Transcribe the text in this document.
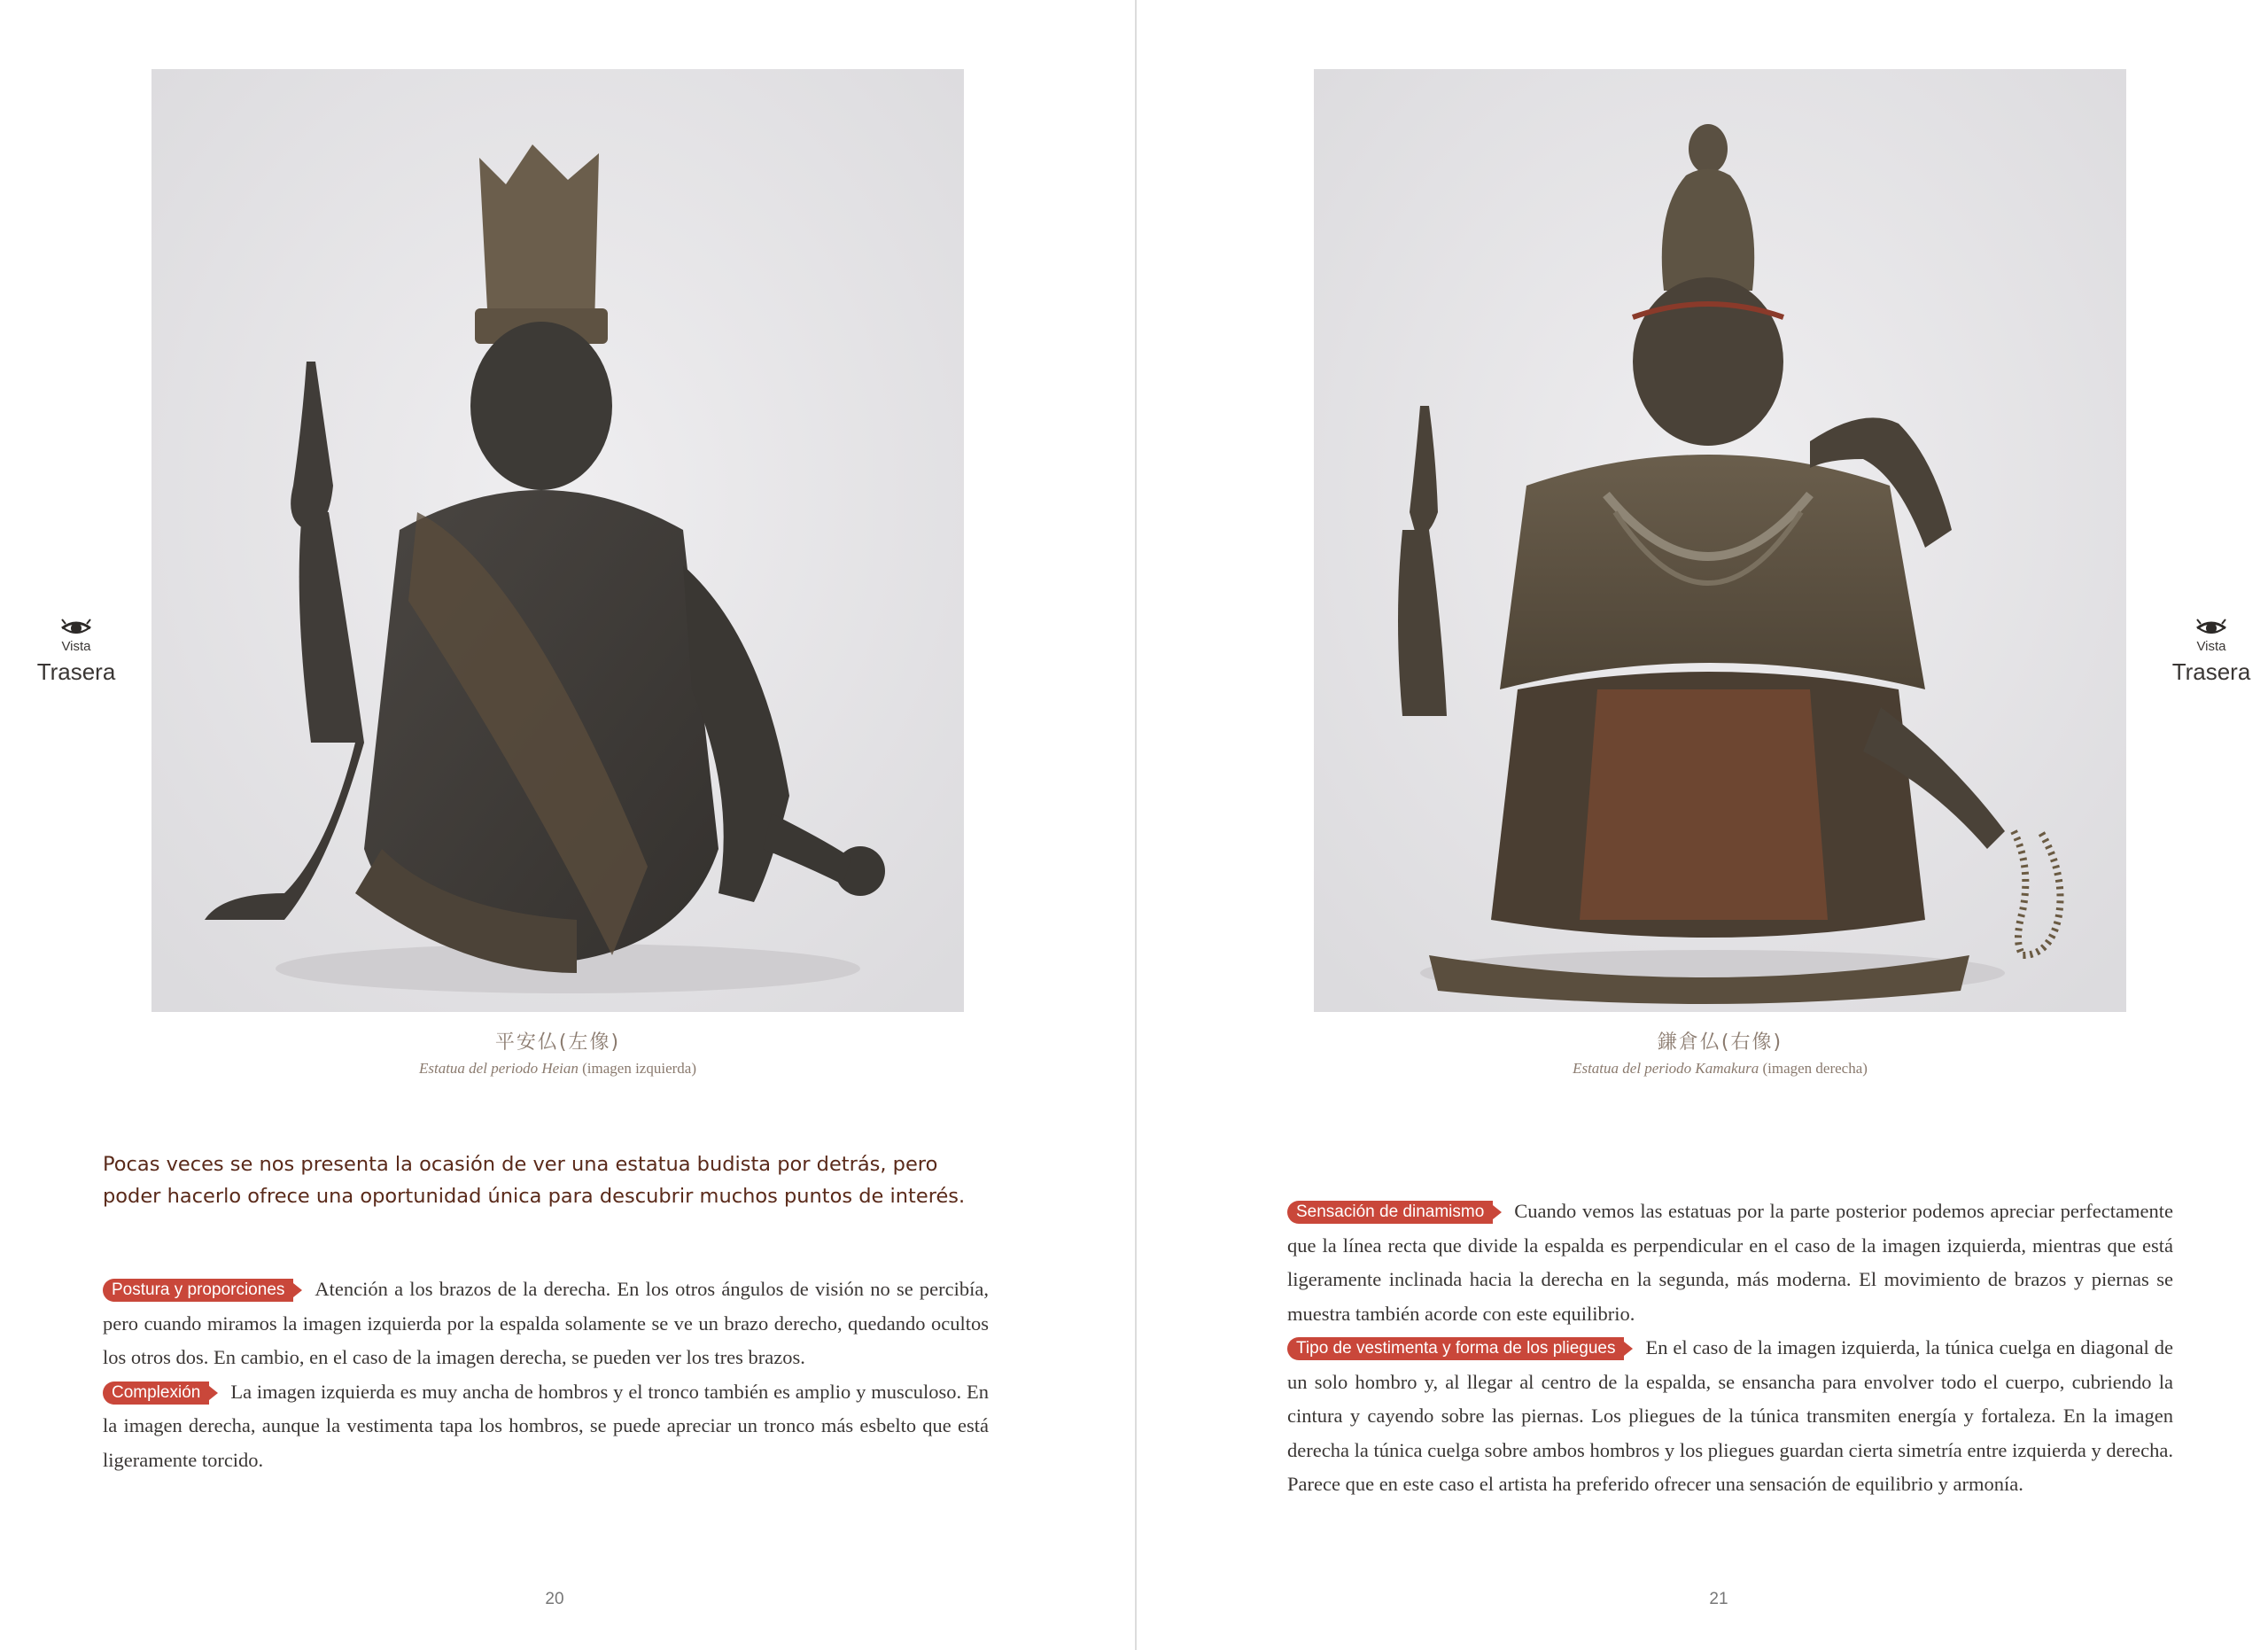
Vista
Trasera
平安仏(左像)
Estatua del periodo Heian (imagen izquierda)
Pocas veces se nos presenta la ocasión de ver una estatua budista por detrás, pero poder hacerlo ofrece una oportunidad única para descubrir muchos puntos de interés.

Postura y proporciones Atención a los brazos de la derecha. En los otros ángulos de visión no se percibía, pero cuando miramos la imagen izquierda por la espalda solamente se ve un brazo derecho, quedando ocultos los otros dos. En cambio, en el caso de la imagen derecha, se pueden ver los tres brazos.

Complexión La imagen izquierda es muy ancha de hombros y el tronco también es amplio y musculoso. En la imagen derecha, aunque la vestimenta tapa los hombros, se puede apreciar un tronco más esbelto que está ligeramente torcido.

20
Vista
Trasera
鎌倉仏(右像)
Estatua del periodo Kamakura (imagen derecha)

Sensación de dinamismo Cuando vemos las estatuas por la parte posterior podemos apreciar perfectamente que la línea recta que divide la espalda es perpendicular en el caso de la imagen izquierda, mientras que está ligeramente inclinada hacia la derecha en la segunda, más moderna. El movimiento de brazos y piernas se muestra también acorde con este equilibrio.

Tipo de vestimenta y forma de los pliegues En el caso de la imagen izquierda, la túnica cuelga en diagonal de un solo hombro y, al llegar al centro de la espalda, se ensancha para envolver todo el cuerpo, cubriendo la cintura y cayendo sobre las piernas. Los pliegues de la túnica transmiten energía y fortaleza. En la imagen derecha la túnica cuelga sobre ambos hombros y los pliegues guardan cierta simetría entre izquierda y derecha. Parece que en este caso el artista ha preferido ofrecer una sensación de equilibrio y armonía.

21
